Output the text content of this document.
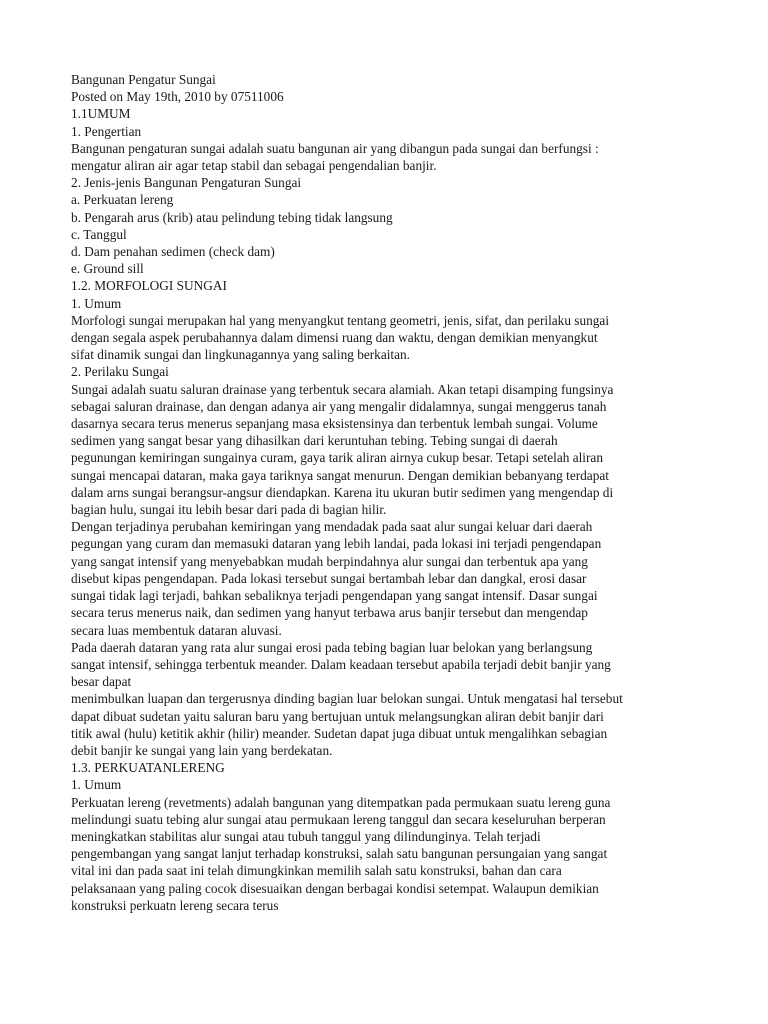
Bangunan Pengatur Sungai
Posted on May 19th, 2010 by 07511006
1.1UMUM
1. Pengertian
Bangunan pengaturan sungai adalah suatu bangunan air yang dibangun pada sungai dan berfungsi :
mengatur aliran air agar tetap stabil dan sebagai pengendalian banjir.
2. Jenis-jenis Bangunan Pengaturan Sungai
a. Perkuatan lereng
b. Pengarah arus (krib) atau pelindung tebing tidak langsung
c. Tanggul
d. Dam penahan sedimen (check dam)
e. Ground sill
1.2. MORFOLOGI SUNGAI
1. Umum
Morfologi sungai merupakan hal yang menyangkut tentang geometri, jenis, sifat, dan perilaku sungai
dengan segala aspek perubahannya dalam dimensi ruang dan waktu, dengan demikian menyangkut
sifat dinamik sungai dan lingkunagannya yang saling berkaitan.
2. Perilaku Sungai
Sungai adalah suatu saluran drainase yang terbentuk secara alamiah. Akan tetapi disamping fungsinya
sebagai saluran drainase, dan dengan adanya air yang mengalir didalamnya, sungai menggerus tanah
dasarnya secara terus menerus sepanjang masa eksistensinya dan terbentuk lembah sungai. Volume
sedimen yang sangat besar yang dihasilkan dari keruntuhan tebing. Tebing sungai di daerah
pegunungan kemiringan sungainya curam, gaya tarik aliran airnya cukup besar. Tetapi setelah aliran
sungai mencapai dataran, maka gaya tariknya sangat menurun. Dengan demikian bebanyang terdapat
dalam arns sungai berangsur-angsur diendapkan. Karena itu ukuran butir sedimen yang mengendap di
bagian hulu, sungai itu lebih besar dari pada di bagian hilir.
Dengan terjadinya perubahan kemiringan yang mendadak pada saat alur sungai keluar dari daerah
pegungan yang curam dan memasuki dataran yang lebih landai, pada lokasi ini terjadi pengendapan
yang sangat intensif yang menyebabkan mudah berpindahnya alur sungai dan terbentuk apa yang
disebut kipas pengendapan. Pada lokasi tersebut sungai bertambah lebar dan dangkal, erosi dasar
sungai tidak lagi terjadi, bahkan sebaliknya terjadi pengendapan yang sangat intensif. Dasar sungai
secara terus menerus naik, dan sedimen yang hanyut terbawa arus banjir tersebut dan mengendap
secara luas membentuk dataran aluvasi.
Pada daerah dataran yang rata alur sungai erosi pada tebing bagian luar belokan yang berlangsung
sangat intensif, sehingga terbentuk meander. Dalam keadaan tersebut apabila terjadi debit banjir yang
besar dapat
menimbulkan luapan dan tergerusnya dinding bagian luar belokan sungai. Untuk mengatasi hal tersebut
dapat dibuat sudetan yaitu saluran baru yang bertujuan untuk melangsungkan aliran debit banjir dari
titik awal (hulu) ketitik akhir (hilir) meander. Sudetan dapat juga dibuat untuk mengalihkan sebagian
debit banjir ke sungai yang lain yang berdekatan.
1.3. PERKUATANLERENG
1. Umum
Perkuatan lereng (revetments) adalah bangunan yang ditempatkan pada permukaan suatu lereng guna
melindungi suatu tebing alur sungai atau permukaan lereng tanggul dan secara keseluruhan berperan
meningkatkan stabilitas alur sungai atau tubuh tanggul yang dilindunginya. Telah terjadi
pengembangan yang sangat lanjut terhadap konstruksi, salah satu bangunan persungaian yang sangat
vital ini dan pada saat ini telah dimungkinkan memilih salah satu konstruksi, bahan dan cara
pelaksanaan yang paling cocok disesuaikan dengan berbagai kondisi setempat. Walaupun demikian
konstruksi perkuatn lereng secara terus
